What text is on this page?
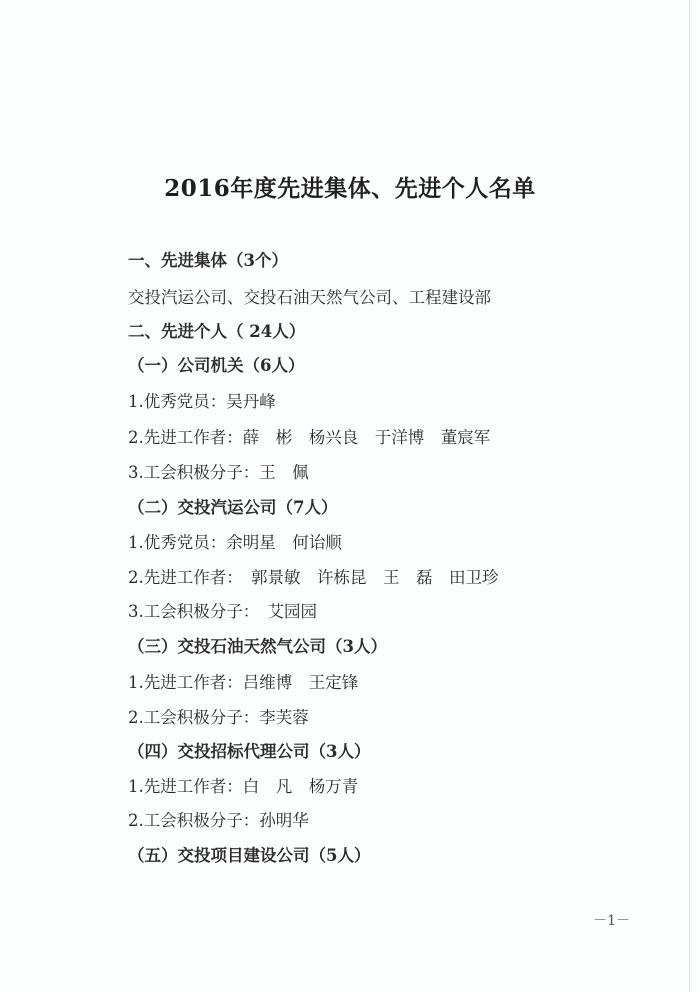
2016年度先进集体、先进个人名单
一、先进集体（3个）
交投汽运公司、交投石油天然气公司、工程建设部
二、先进个人（ 24人）
（一）公司机关（6人）
1.优秀党员：吴丹峰
2.先进工作者：薛　彬　杨兴良　于洋博　董宸军
3.工会积极分子：王　佩
（二）交投汽运公司（7人）
1.优秀党员：余明星　何诒顺
2.先进工作者：　郭景敏　许栋昆　王　磊　田卫珍
3.工会积极分子：　艾园园
（三）交投石油天然气公司（3人）
1.先进工作者：吕维博　王定锋
2.工会积极分子：李芙蓉
（四）交投招标代理公司（3人）
1.先进工作者：白　凡　杨万青
2.工会积极分子：孙明华
（五）交投项目建设公司（5人）
－1－
